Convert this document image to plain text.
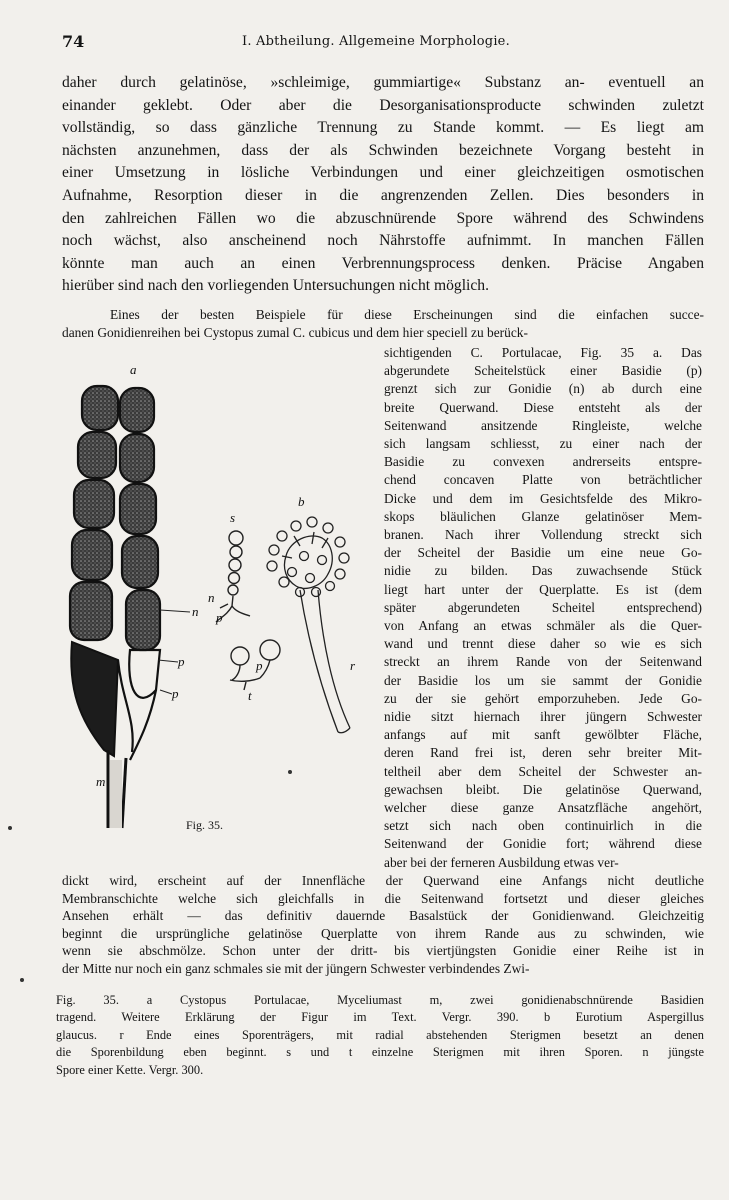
74	I. Abtheilung. Allgemeine Morphologie.
daher durch gelatinöse, »schleimige, gummiartige« Substanz an- eventuell an
einander geklebt. Oder aber die Desorganisationsproducte schwinden zuletzt
vollständig, so dass gänzliche Trennung zu Stande kommt. — Es liegt am
nächsten anzunehmen, dass der als Schwinden bezeichnete Vorgang besteht in
einer Umsetzung in lösliche Verbindungen und einer gleichzeitigen osmotischen
Aufnahme, Resorption dieser in die angrenzenden Zellen. Dies besonders in
den zahlreichen Fällen wo die abzuschnürende Spore während des Schwindens
noch wächst, also anscheinend noch Nährstoffe aufnimmt. In manchen Fällen
könnte man auch an einen Verbrennungsprocess denken. Präcise Angaben
hierüber sind nach den vorliegenden Untersuchungen nicht möglich.
Eines der besten Beispiele für diese Erscheinungen sind die einfachen succe-
danen Gonidienreihen bei Cystopus zumal C. cubicus und dem hier speciell zu berück-
sichtigenden C. Portulacae, Fig. 35 a. Das
abgerundete Scheitelstück einer Basidie (p)
grenzt sich zur Gonidie (n) ab durch eine
breite Querwand. Diese entsteht als der
Seitenwand ansitzende Ringleiste, welche
sich langsam schliesst, zu einer nach der
Basidie zu convexen andrerseits entspre-
chend concaven Platte von beträchtlicher
Dicke und dem im Gesichtsfelde des Mikro-
skops bläulichen Glanze gelatinöser Mem-
branen. Nach ihrer Vollendung streckt sich
der Scheitel der Basidie um eine neue Go-
nidie zu bilden. Das zuwachsende Stück
liegt hart unter der Querplatte. Es ist (dem
später abgerundeten Scheitel entsprechend)
von Anfang an etwas schmäler als die Quer-
wand und trennt diese daher so wie es sich
streckt an ihrem Rande von der Seitenwand
der Basidie los um sie sammt der Gonidie
zu der sie gehört emporzuheben. Jede Go-
nidie sitzt hiernach ihrer jüngern Schwester
anfangs auf mit sanft gewölbter Fläche,
deren Rand frei ist, deren sehr breiter Mit-
teltheil aber dem Scheitel der Schwester an-
gewachsen bleibt. Die gelatinöse Querwand,
welcher diese ganze Ansatzfläche angehört,
setzt sich nach oben continuirlich in die
Seitenwand der Gonidie fort; während diese
aber bei der ferneren Ausbildung etwas ver-
dickt wird, erscheint auf der Innenfläche der Querwand eine Anfangs nicht deutliche
Membranschichte welche sich gleichfalls in die Seitenwand fortsetzt und dieser gleiches
Ansehen erhält — das definitiv dauernde Basalstück der Gonidienwand. Gleichzeitig
beginnt die ursprüngliche gelatinöse Querplatte von ihrem Rande aus zu schwinden, wie
wenn sie abschmölze. Schon unter der dritt- bis viertjüngsten Gonidie einer Reihe ist in
der Mitte nur noch ein ganz schmales sie mit der jüngern Schwester verbindendes Zwi-
a
b
s
t
n
n
p
p
p
p
m
r
Fig. 35.
Fig. 35. a Cystopus Portulacae, Myceliumast m, zwei gonidienabschnürende Basidien
tragend. Weitere Erklärung der Figur im Text. Vergr. 390. b Eurotium Aspergillus
glaucus. r Ende eines Sporenträgers, mit radial abstehenden Sterigmen besetzt an denen
die Sporenbildung eben beginnt. s und t einzelne Sterigmen mit ihren Sporen. n jüngste
Spore einer Kette. Vergr. 300.
